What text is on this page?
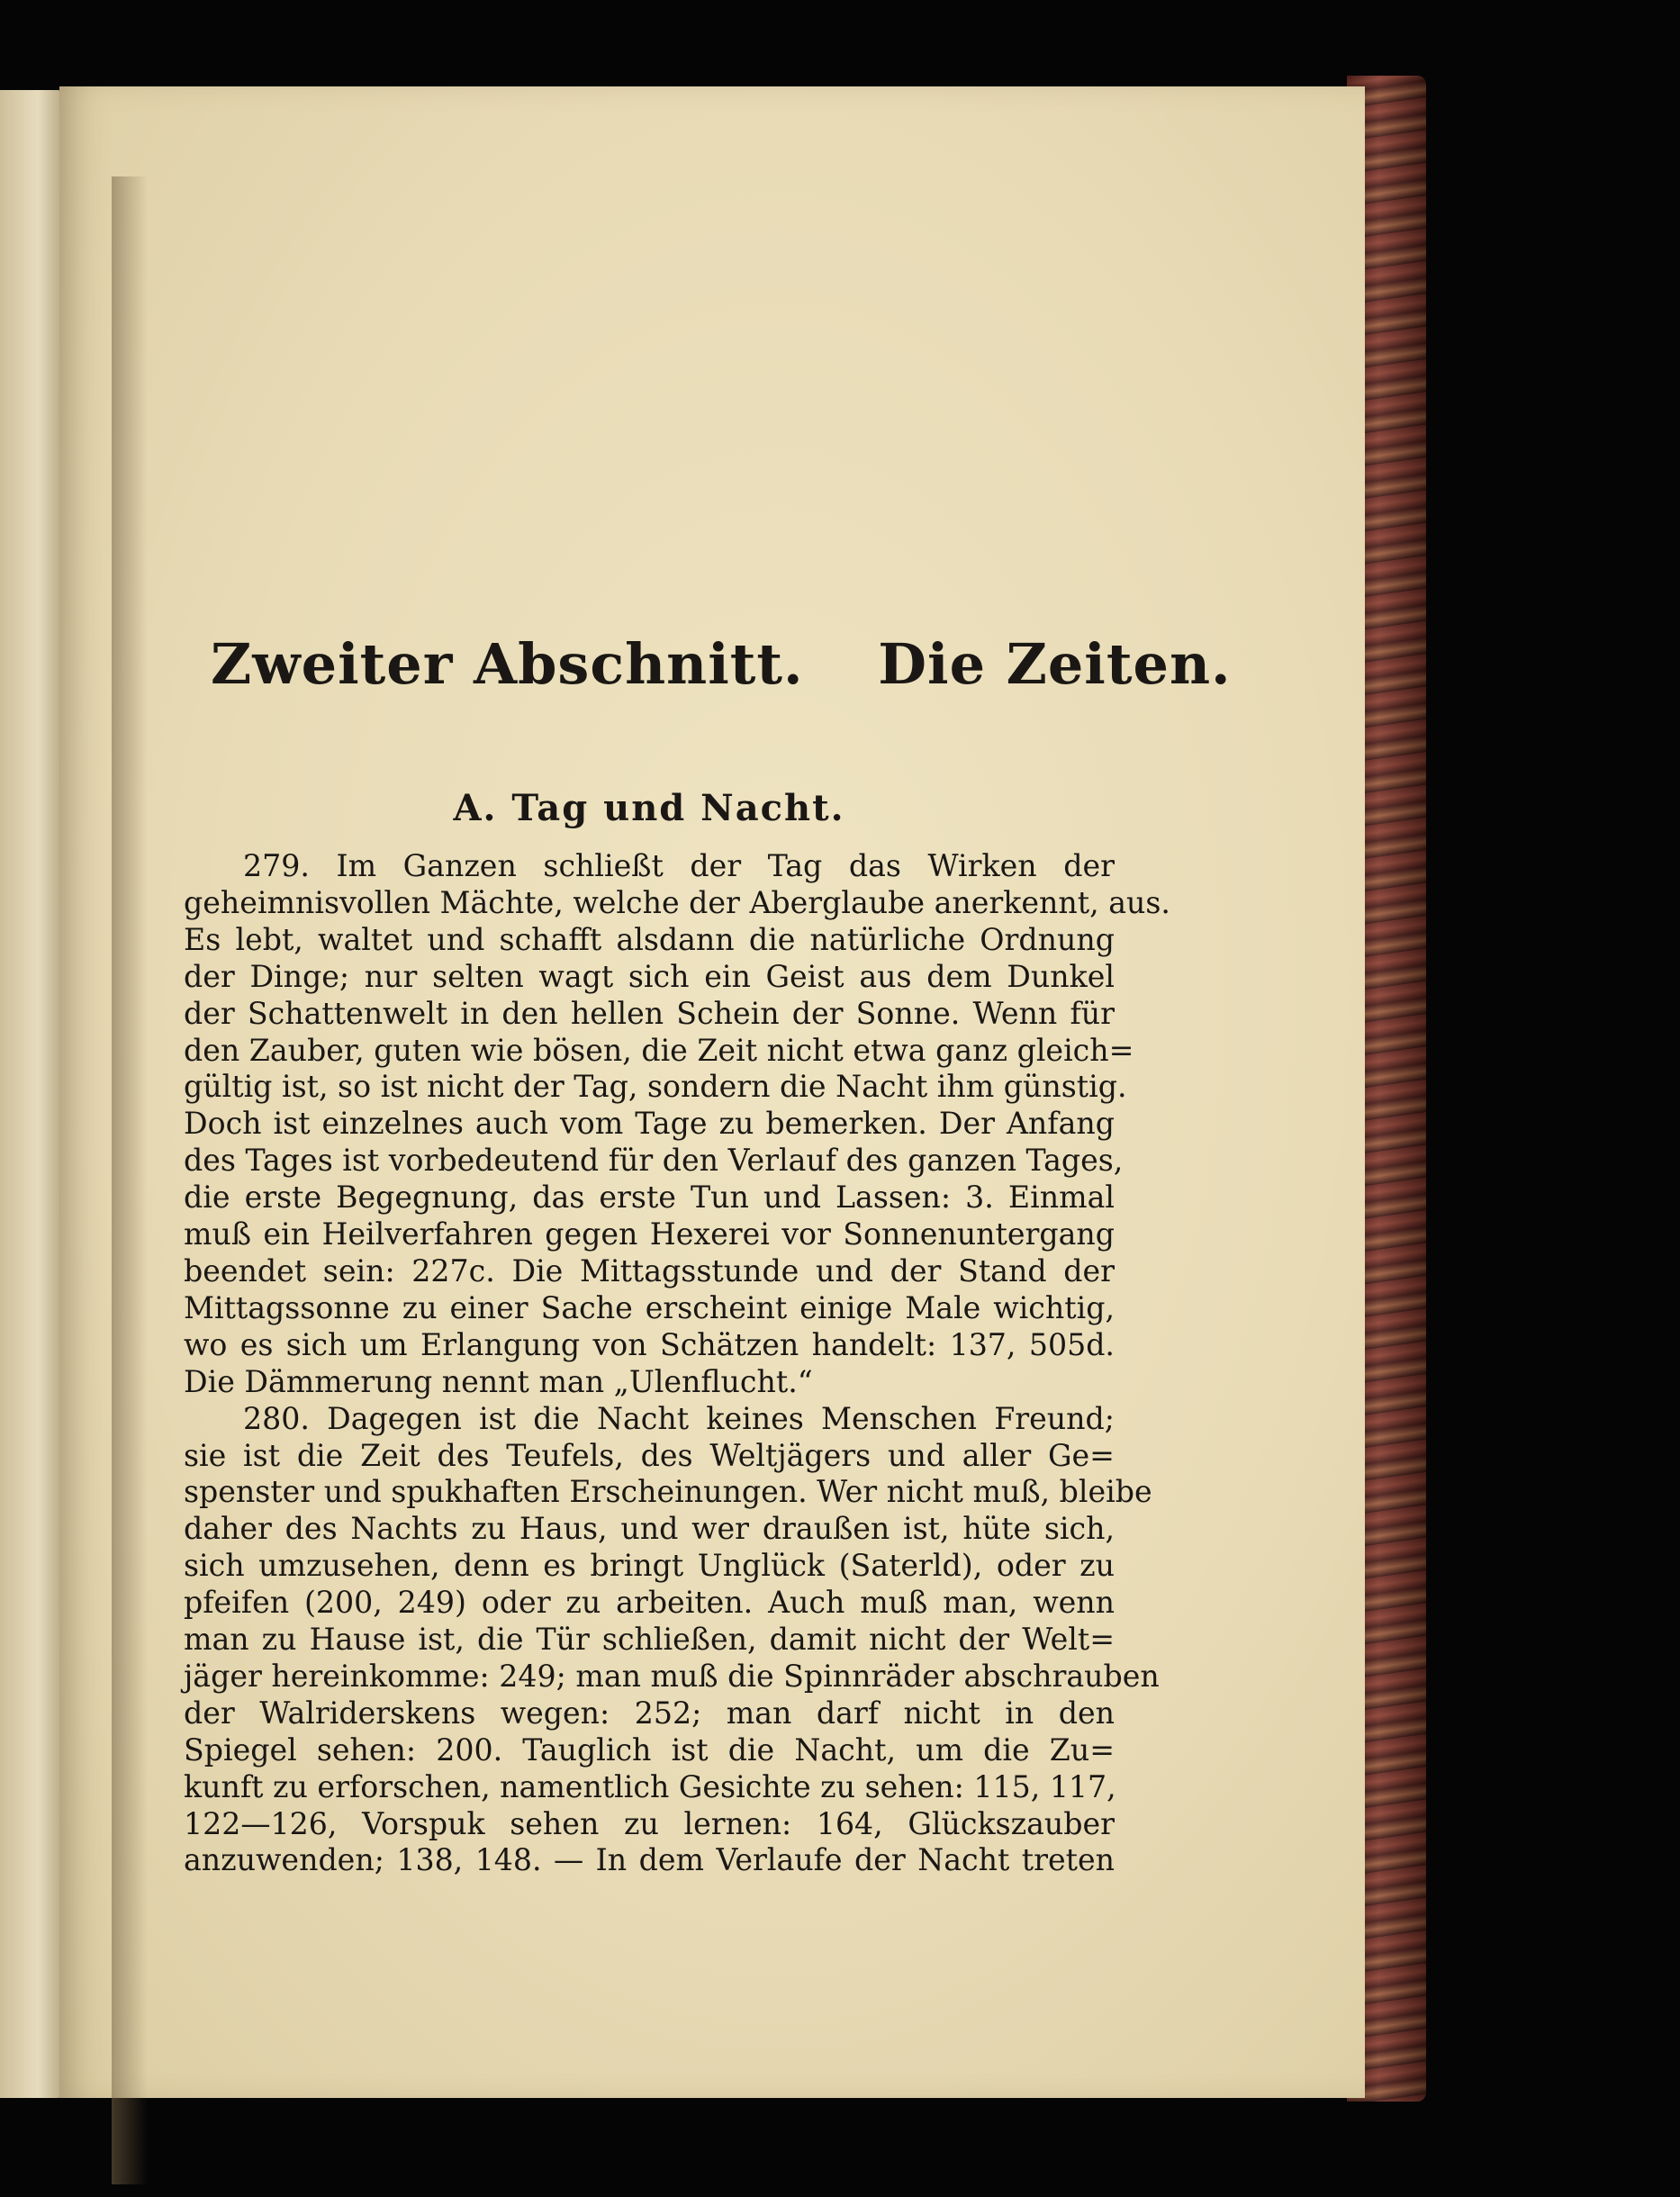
Zweiter Abschnitt. Die Zeiten.
A. Tag und Nacht.
279. Im Ganzen schließt der Tag das Wirken der
geheimnisvollen Mächte, welche der Aberglaube anerkennt, aus.
Es lebt, waltet und schafft alsdann die natürliche Ordnung
der Dinge; nur selten wagt sich ein Geist aus dem Dunkel
der Schattenwelt in den hellen Schein der Sonne. Wenn für
den Zauber, guten wie bösen, die Zeit nicht etwa ganz gleich=
gültig ist, so ist nicht der Tag, sondern die Nacht ihm günstig.
Doch ist einzelnes auch vom Tage zu bemerken. Der Anfang
des Tages ist vorbedeutend für den Verlauf des ganzen Tages,
die erste Begegnung, das erste Tun und Lassen: 3. Einmal
muß ein Heilverfahren gegen Hexerei vor Sonnenuntergang
beendet sein: 227c. Die Mittagsstunde und der Stand der
Mittagssonne zu einer Sache erscheint einige Male wichtig,
wo es sich um Erlangung von Schätzen handelt: 137, 505d.
Die Dämmerung nennt man „Ulenflucht.“
280. Dagegen ist die Nacht keines Menschen Freund;
sie ist die Zeit des Teufels, des Weltjägers und aller Ge=
spenster und spukhaften Erscheinungen. Wer nicht muß, bleibe
daher des Nachts zu Haus, und wer draußen ist, hüte sich,
sich umzusehen, denn es bringt Unglück (Saterld), oder zu
pfeifen (200, 249) oder zu arbeiten. Auch muß man, wenn
man zu Hause ist, die Tür schließen, damit nicht der Welt=
jäger hereinkomme: 249; man muß die Spinnräder abschrauben
der Walriderskens wegen: 252; man darf nicht in den
Spiegel sehen: 200. Tauglich ist die Nacht, um die Zu=
kunft zu erforschen, namentlich Gesichte zu sehen: 115, 117,
122—126, Vorspuk sehen zu lernen: 164, Glückszauber
anzuwenden; 138, 148. — In dem Verlaufe der Nacht treten
